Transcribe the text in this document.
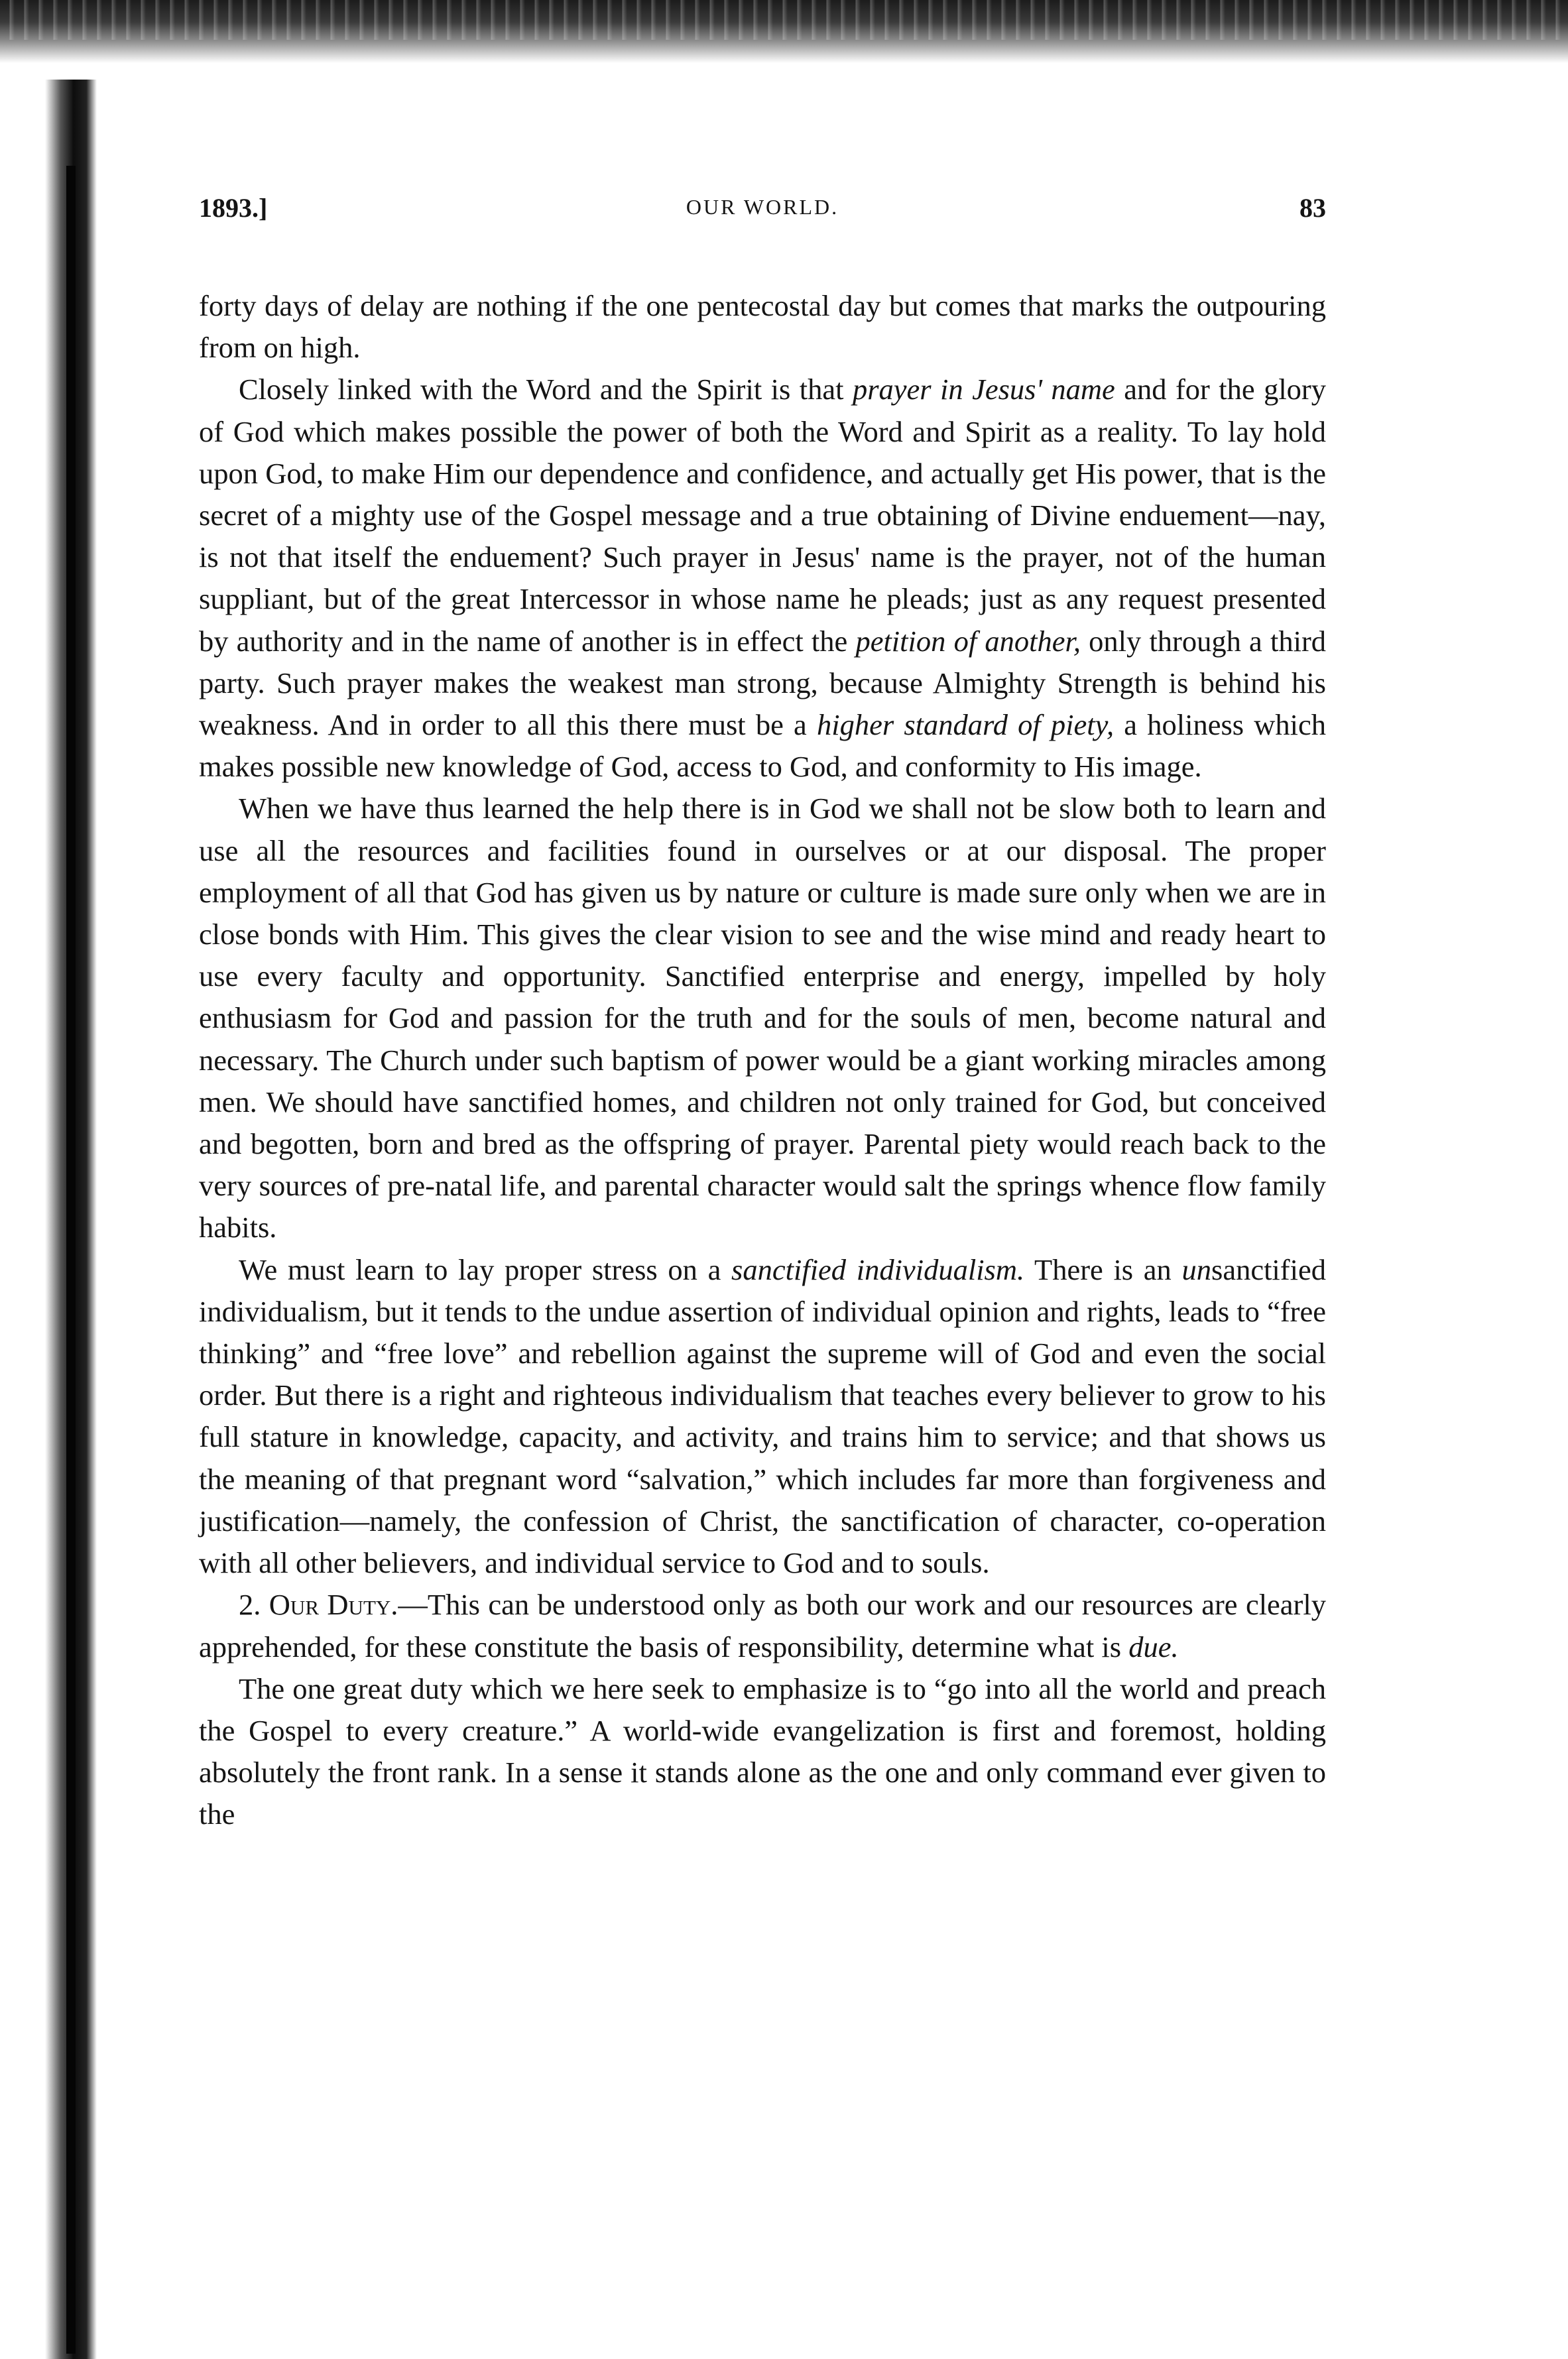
1893.]	OUR WORLD.	83

forty days of delay are nothing if the one pentecostal day but comes that marks the outpouring from on high.

Closely linked with the Word and the Spirit is that prayer in Jesus' name and for the glory of God which makes possible the power of both the Word and Spirit as a reality. To lay hold upon God, to make Him our dependence and confidence, and actually get His power, that is the secret of a mighty use of the Gospel message and a true obtaining of Divine enduement—nay, is not that itself the enduement? Such prayer in Jesus' name is the prayer, not of the human suppliant, but of the great Intercessor in whose name he pleads; just as any request presented by authority and in the name of another is in effect the petition of another, only through a third party. Such prayer makes the weakest man strong, because Almighty Strength is behind his weakness. And in order to all this there must be a higher standard of piety, a holiness which makes possible new knowledge of God, access to God, and conformity to His image.

When we have thus learned the help there is in God we shall not be slow both to learn and use all the resources and facilities found in ourselves or at our disposal. The proper employment of all that God has given us by nature or culture is made sure only when we are in close bonds with Him. This gives the clear vision to see and the wise mind and ready heart to use every faculty and opportunity. Sanctified enterprise and energy, impelled by holy enthusiasm for God and passion for the truth and for the souls of men, become natural and necessary. The Church under such baptism of power would be a giant working miracles among men. We should have sanctified homes, and children not only trained for God, but conceived and begotten, born and bred as the offspring of prayer. Parental piety would reach back to the very sources of pre-natal life, and parental character would salt the springs whence flow family habits.

We must learn to lay proper stress on a sanctified individualism. There is an unsanctified individualism, but it tends to the undue assertion of individual opinion and rights, leads to “free thinking” and “free love” and rebellion against the supreme will of God and even the social order. But there is a right and righteous individualism that teaches every believer to grow to his full stature in knowledge, capacity, and activity, and trains him to service; and that shows us the meaning of that pregnant word “salvation,” which includes far more than forgiveness and justification—namely, the confession of Christ, the sanctification of character, co-operation with all other believers, and individual service to God and to souls.

2. Our Duty.—This can be understood only as both our work and our resources are clearly apprehended, for these constitute the basis of responsibility, determine what is due.

The one great duty which we here seek to emphasize is to “go into all the world and preach the Gospel to every creature.” A world-wide evangelization is first and foremost, holding absolutely the front rank. In a sense it stands alone as the one and only command ever given to the
